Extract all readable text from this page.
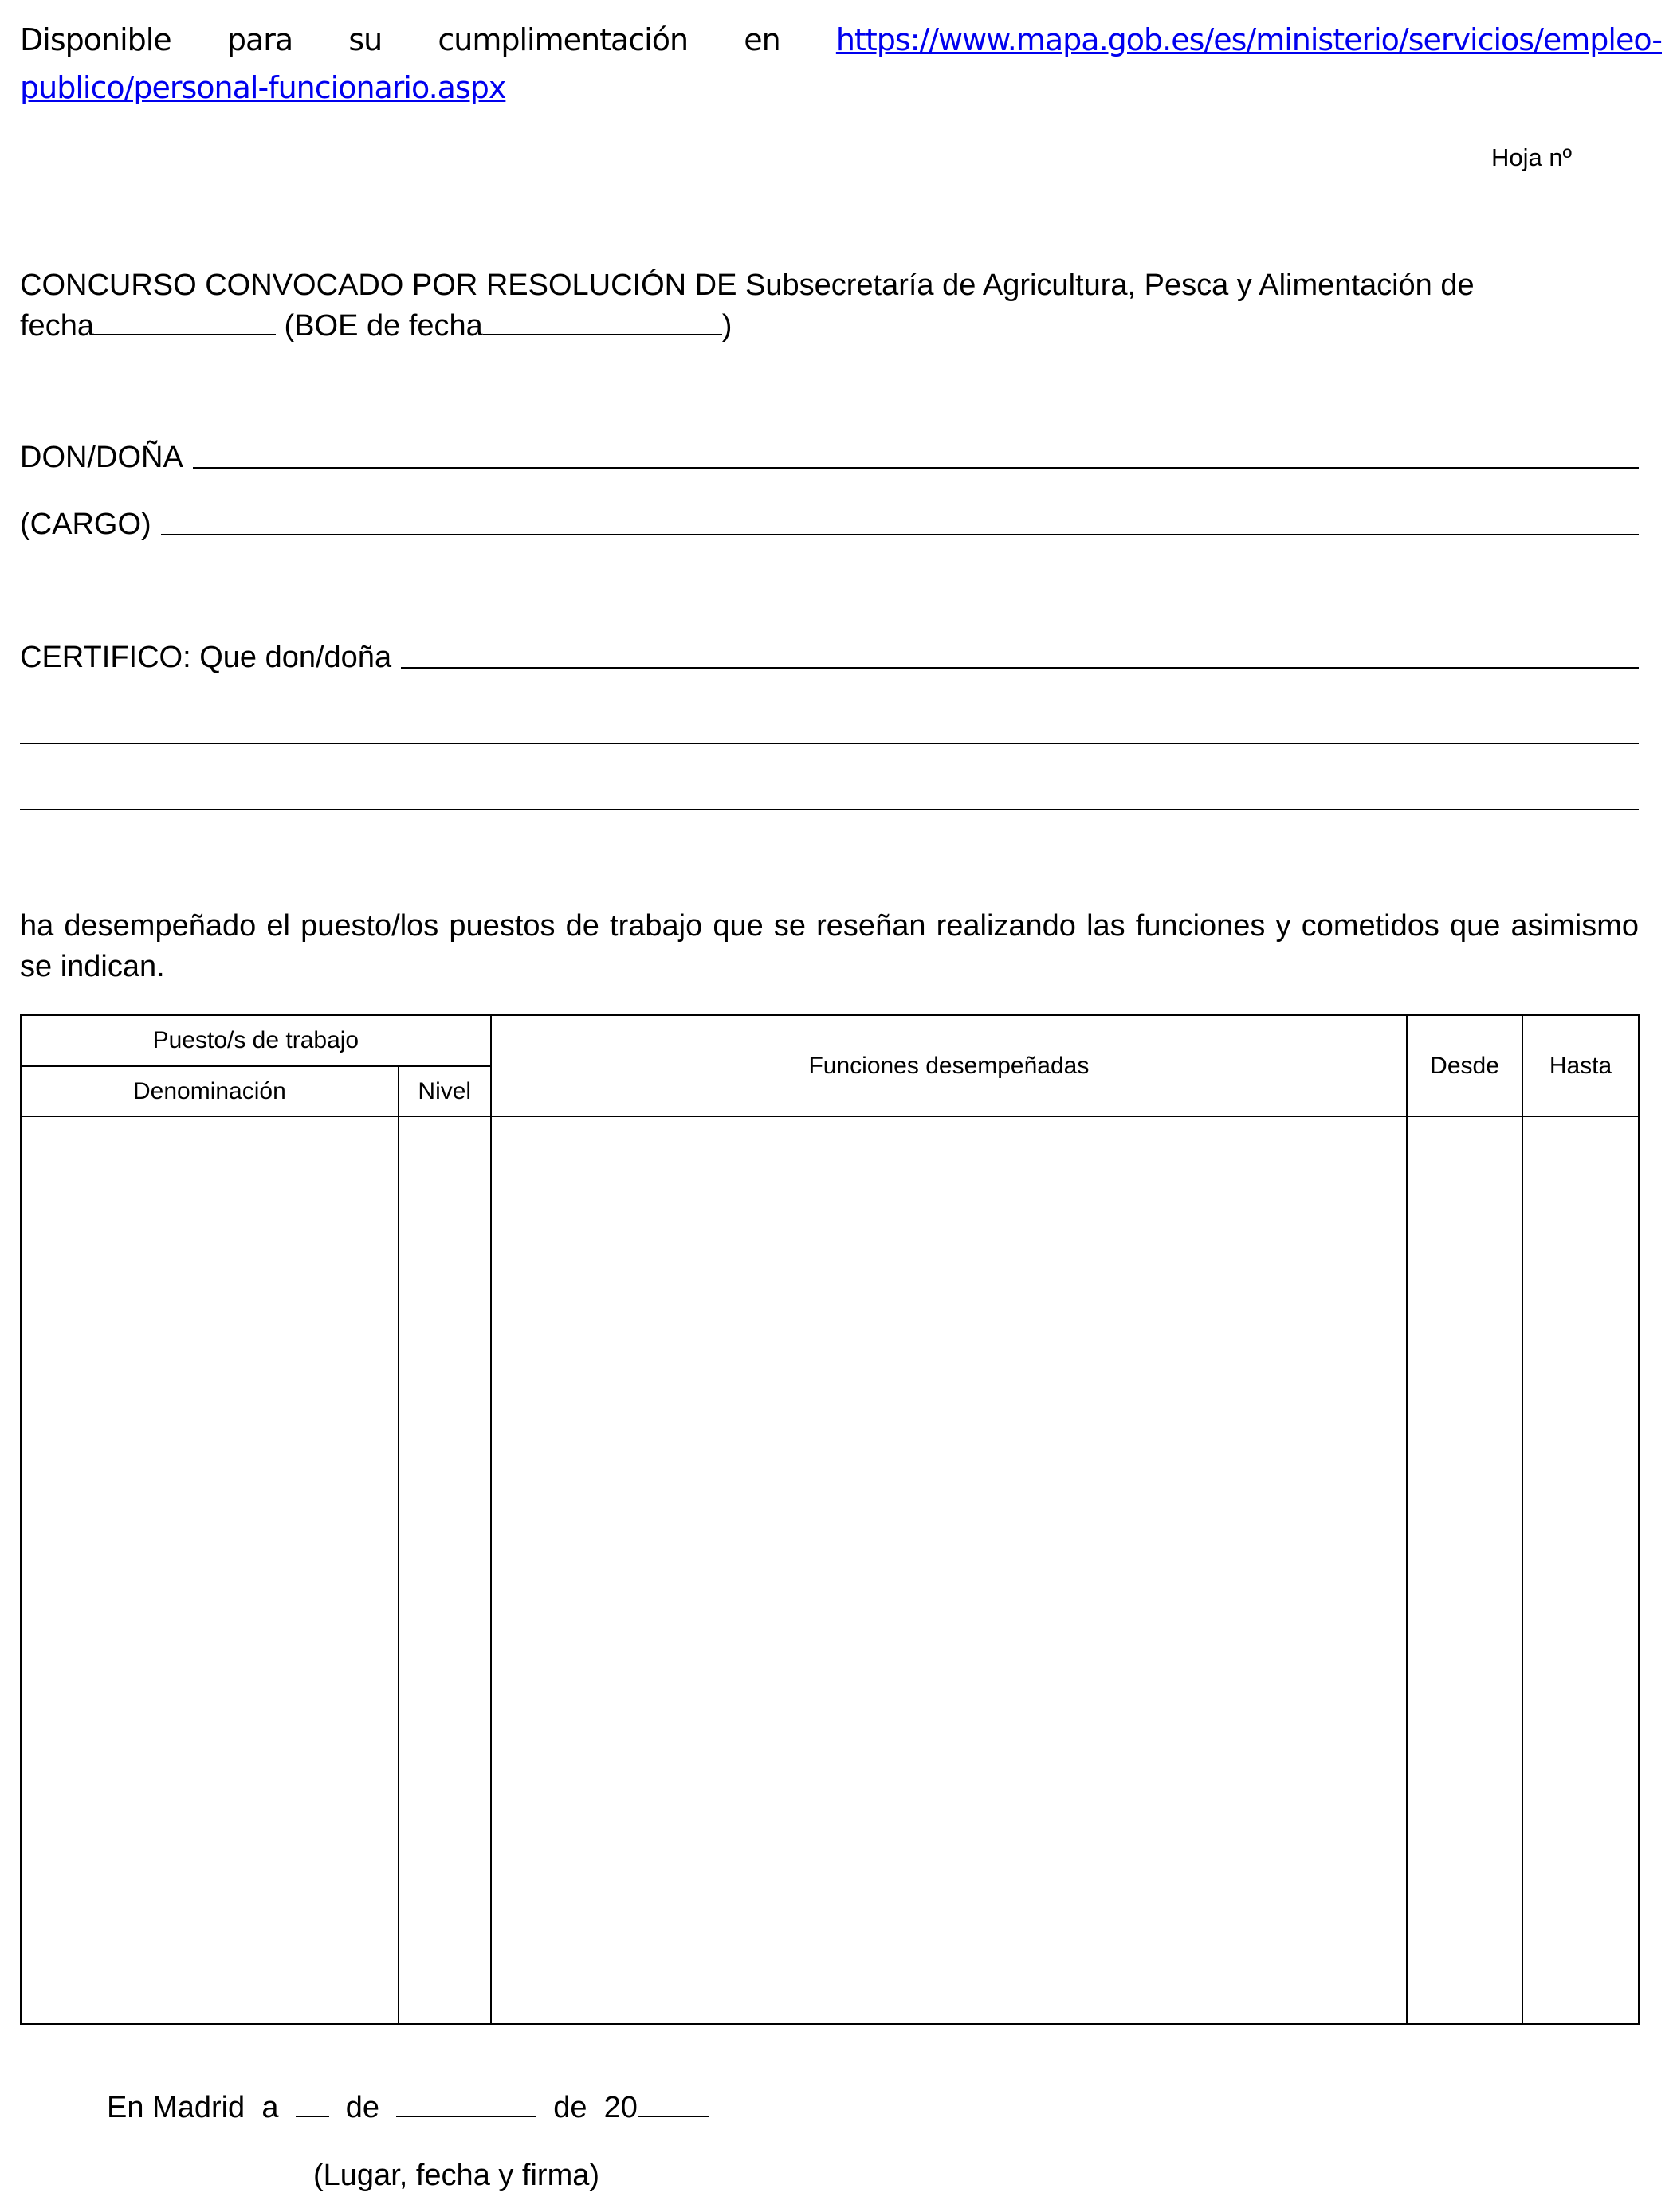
Disponible para su cumplimentación en https://www.mapa.gob.es/es/ministerio/servicios/empleo-
publico/personal-funcionario.aspx
Hoja nº
CONCURSO CONVOCADO POR RESOLUCIÓN DE Subsecretaría de Agricultura, Pesca y Alimentación de
fecha	(BOE de fecha	)
DON/DOÑA
(CARGO)
CERTIFICO: Que don/doña
ha desempeñado el puesto/los puestos de trabajo que se reseñan realizando las funciones y cometidos que asimismo se indican.
Puesto/s de trabajo		Funciones desempeñadas	Desde	Hasta
Denominación	Nivel			

En Madrid a de	de 20
(Lugar, fecha y firma)
